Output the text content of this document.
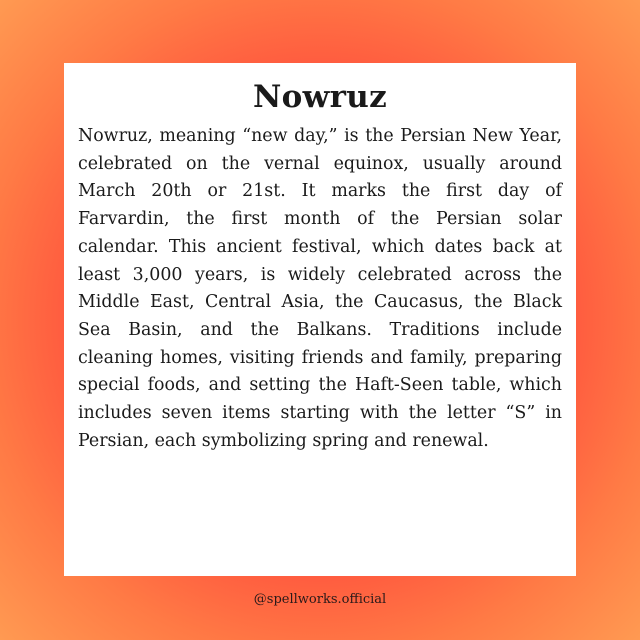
Nowruz

Nowruz, meaning “new day,” is the Persian New Year, celebrated on the vernal equinox, usually around March 20th or 21st. It marks the first day of Farvardin, the first month of the Persian solar calendar. This ancient festival, which dates back at least 3,000 years, is widely celebrated across the Middle East, Central Asia, the Caucasus, the Black Sea Basin, and the Balkans. Traditions include cleaning homes, visiting friends and family, preparing special foods, and setting the Haft-Seen table, which includes seven items starting with the letter “S” in Persian, each symbolizing spring and renewal.

@spellworks.official
